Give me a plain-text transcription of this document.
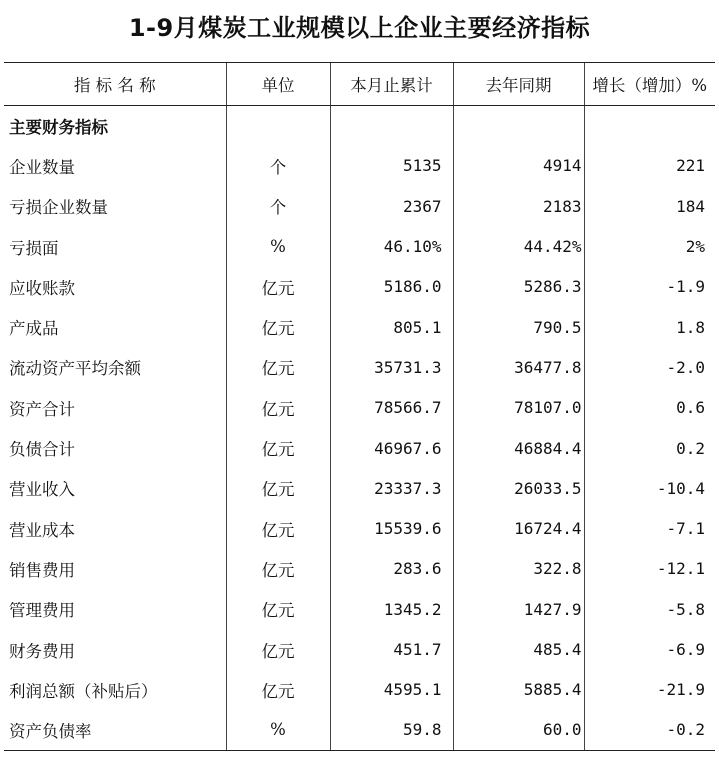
1-9月煤炭工业规模以上企业主要经济指标
指 标 名 称	单位	本月止累计	去年同期	增长（增加）%
主要财务指标				
企业数量	个	5135	4914	221
亏损企业数量	个	2367	2183	184
亏损面	%	46.10%	44.42%	2%
应收账款	亿元	5186.0	5286.3	-1.9
产成品	亿元	805.1	790.5	1.8
流动资产平均余额	亿元	35731.3	36477.8	-2.0
资产合计	亿元	78566.7	78107.0	0.6
负债合计	亿元	46967.6	46884.4	0.2
营业收入	亿元	23337.3	26033.5	-10.4
营业成本	亿元	15539.6	16724.4	-7.1
销售费用	亿元	283.6	322.8	-12.1
管理费用	亿元	1345.2	1427.9	-5.8
财务费用	亿元	451.7	485.4	-6.9
利润总额（补贴后）	亿元	4595.1	5885.4	-21.9
资产负债率	%	59.8	60.0	-0.2
